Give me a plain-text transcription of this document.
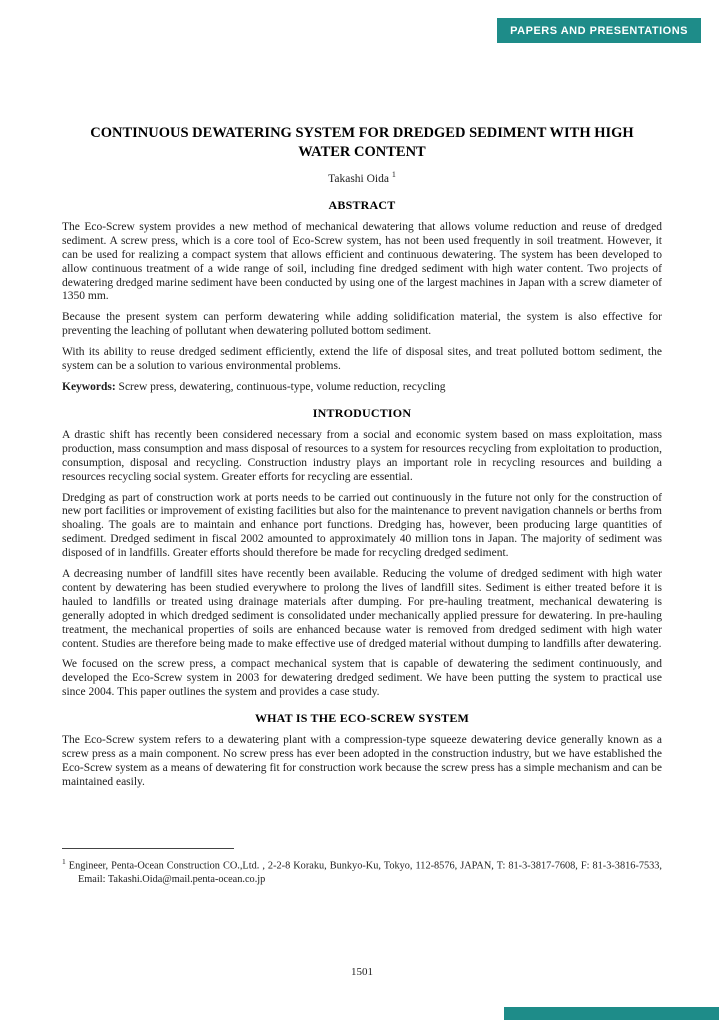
PAPERS AND PRESENTATIONS
CONTINUOUS DEWATERING SYSTEM FOR DREDGED SEDIMENT WITH HIGH WATER CONTENT
Takashi Oida $^1$
ABSTRACT

The Eco-Screw system provides a new method of mechanical dewatering that allows volume reduction and reuse of dredged sediment. A screw press, which is a core tool of Eco-Screw system, has not been used frequently in soil treatment. However, it can be used for realizing a compact system that allows efficient and continuous dewatering. The system has been developed to allow continuous treatment of a wide range of soil, including fine dredged sediment with high water content. Two projects of dewatering dredged marine sediment have been conducted by using one of the largest machines in Japan with a screw diameter of 1350 mm.

Because the present system can perform dewatering while adding solidification material, the system is also effective for preventing the leaching of pollutant when dewatering polluted bottom sediment.

With its ability to reuse dredged sediment efficiently, extend the life of disposal sites, and treat polluted bottom sediment, the system can be a solution to various environmental problems.

Keywords: Screw press, dewatering, continuous-type, volume reduction, recycling

INTRODUCTION

A drastic shift has recently been considered necessary from a social and economic system based on mass exploitation, mass production, mass consumption and mass disposal of resources to a system for resources recycling from exploitation to production, consumption, disposal and recycling. Construction industry plays an important role in recycling resources and building a resources recycling social system. Greater efforts for recycling are essential.

Dredging as part of construction work at ports needs to be carried out continuously in the future not only for the construction of new port facilities or improvement of existing facilities but also for the maintenance to prevent navigation channels or berths from shoaling. The goals are to maintain and enhance port functions. Dredging has, however, been producing large quantities of sediment. Dredged sediment in fiscal 2002 amounted to approximately 40 million tons in Japan. The majority of sediment was disposed of in landfills. Greater efforts should therefore be made for recycling dredged sediment.

A decreasing number of landfill sites have recently been available. Reducing the volume of dredged sediment with high water content by dewatering has been studied everywhere to prolong the lives of landfill sites. Sediment is either treated before it is hauled to landfills or treated using drainage materials after dumping. For pre-hauling treatment, mechanical dewatering is generally adopted in which dredged sediment is consolidated under mechanically applied pressure for dewatering. In pre-hauling treatment, the mechanical properties of soils are enhanced because water is removed from dredged sediment with high water content. Studies are therefore being made to make effective use of dredged material without dumping to landfills after dewatering.

We focused on the screw press, a compact mechanical system that is capable of dewatering the sediment continuously, and developed the Eco-Screw system in 2003 for dewatering dredged sediment. We have been putting the system to practical use since 2004. This paper outlines the system and provides a case study.

WHAT IS THE ECO-SCREW SYSTEM

The Eco-Screw system refers to a dewatering plant with a compression-type squeeze dewatering device generally known as a screw press as a main component. No screw press has ever been adopted in the construction industry, but we have established the Eco-Screw system as a means of dewatering fit for construction work because the screw press has a simple mechanism and can be maintained easily.

$^1$ Engineer, Penta-Ocean Construction CO.,Ltd. , 2-2-8 Koraku, Bunkyo-Ku, Tokyo, 112-8576, JAPAN, T: 81-3-3817-7608, F: 81-3-3816-7533, Email: Takashi.Oida@mail.penta-ocean.co.jp

1501
